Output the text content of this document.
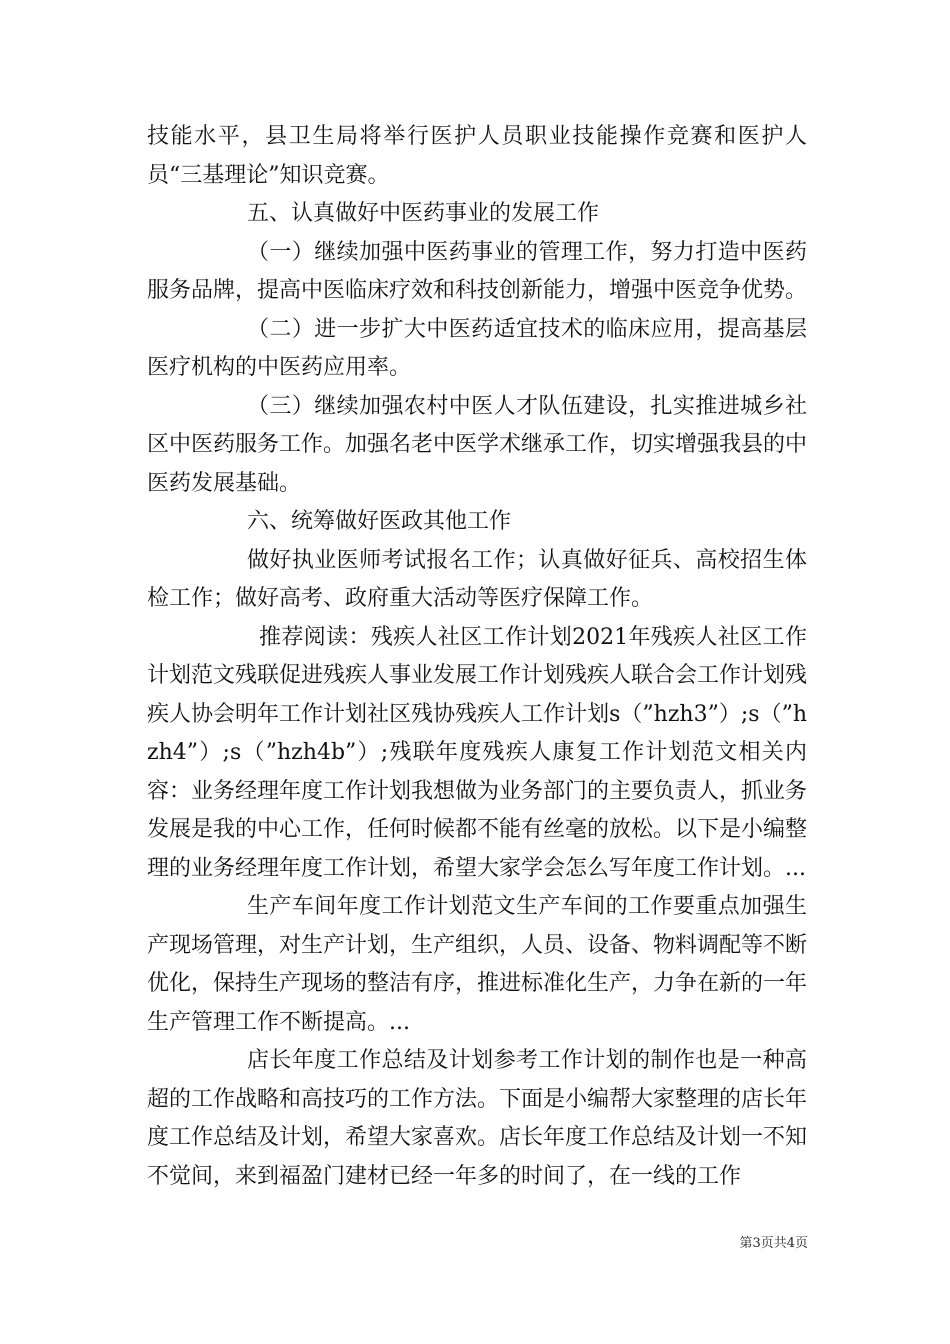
技能水平，县卫生局将举行医护人员职业技能操作竞赛和医护人员“三基理论”知识竞赛。

五、认真做好中医药事业的发展工作

（一）继续加强中医药事业的管理工作，努力打造中医药服务品牌，提高中医临床疗效和科技创新能力，增强中医竞争优势。

（二）进一步扩大中医药适宜技术的临床应用，提高基层医疗机构的中医药应用率。

（三）继续加强农村中医人才队伍建设，扎实推进城乡社区中医药服务工作。加强名老中医学术继承工作，切实增强我县的中医药发展基础。

六、统筹做好医政其他工作

做好执业医师考试报名工作；认真做好征兵、高校招生体检工作；做好高考、政府重大活动等医疗保障工作。

推荐阅读：残疾人社区工作计划2021年残疾人社区工作计划范文残联促进残疾人事业发展工作计划残疾人联合会工作计划残疾人协会明年工作计划社区残协残疾人工作计划s（”hzh3”）;s（”hzh4”）;s（”hzh4b”）;残联年度残疾人康复工作计划范文相关内容：业务经理年度工作计划我想做为业务部门的主要负责人，抓业务发展是我的中心工作，任何时候都不能有丝毫的放松。以下是小编整理的业务经理年度工作计划，希望大家学会怎么写年度工作计划。...

生产车间年度工作计划范文生产车间的工作要重点加强生产现场管理，对生产计划，生产组织，人员、设备、物料调配等不断优化，保持生产现场的整洁有序，推进标准化生产，力争在新的一年生产管理工作不断提高。...

店长年度工作总结及计划参考工作计划的制作也是一种高超的工作战略和高技巧的工作方法。下面是小编帮大家整理的店长年度工作总结及计划，希望大家喜欢。店长年度工作总结及计划一不知不觉间，来到福盈门建材已经一年多的时间了，在一线的工作

第3页共4页
